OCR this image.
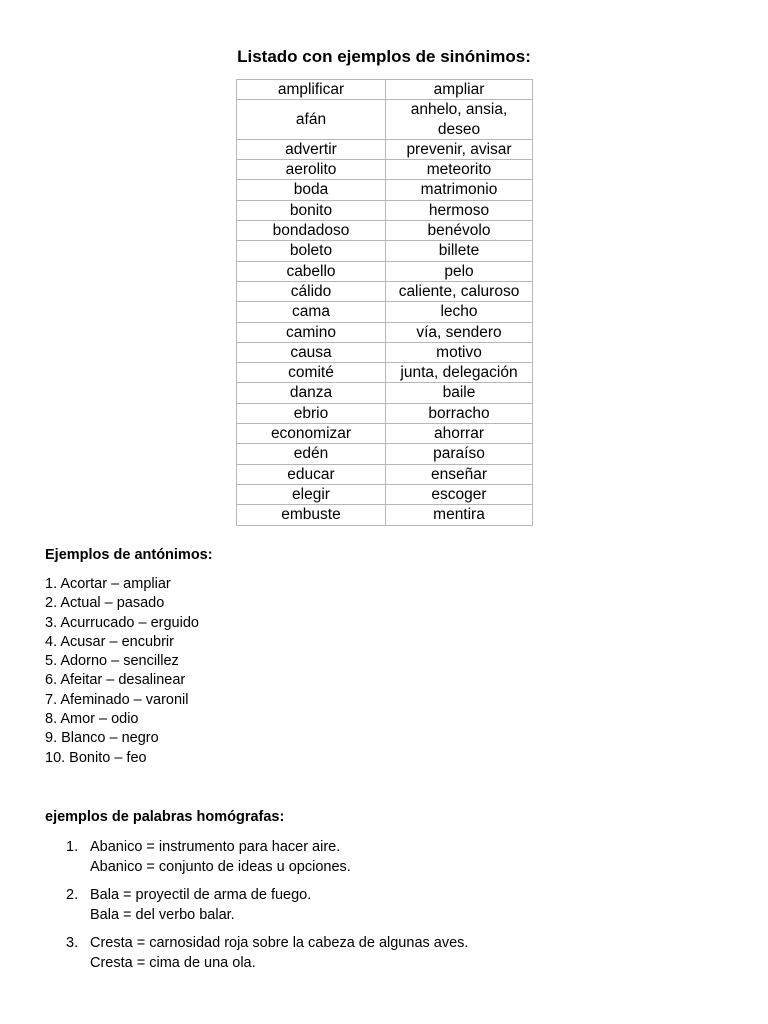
Listado con ejemplos de sinónimos:
amplificar	ampliar
afán	anhelo, ansia,
deseo
advertir	prevenir, avisar
aerolito	meteorito
boda	matrimonio
bonito	hermoso
bondadoso	benévolo
boleto	billete
cabello	pelo
cálido	caliente, caluroso
cama	lecho
camino	vía, sendero
causa	motivo
comité	junta, delegación
danza	baile
ebrio	borracho
economizar	ahorrar
edén	paraíso
educar	enseñar
elegir	escoger
embuste	mentira
Ejemplos de antónimos:
1. Acortar – ampliar
2. Actual – pasado
3. Acurrucado – erguido
4. Acusar – encubrir
5. Adorno – sencillez
6. Afeitar – desalinear
7. Afeminado – varonil
8. Amor – odio
9. Blanco – negro
10. Bonito – feo
ejemplos de palabras homógrafas:
1. Abanico = instrumento para hacer aire.
Abanico = conjunto de ideas u opciones.
2. Bala = proyectil de arma de fuego.
Bala = del verbo balar.
3. Cresta = carnosidad roja sobre la cabeza de algunas aves.
Cresta = cima de una ola.
